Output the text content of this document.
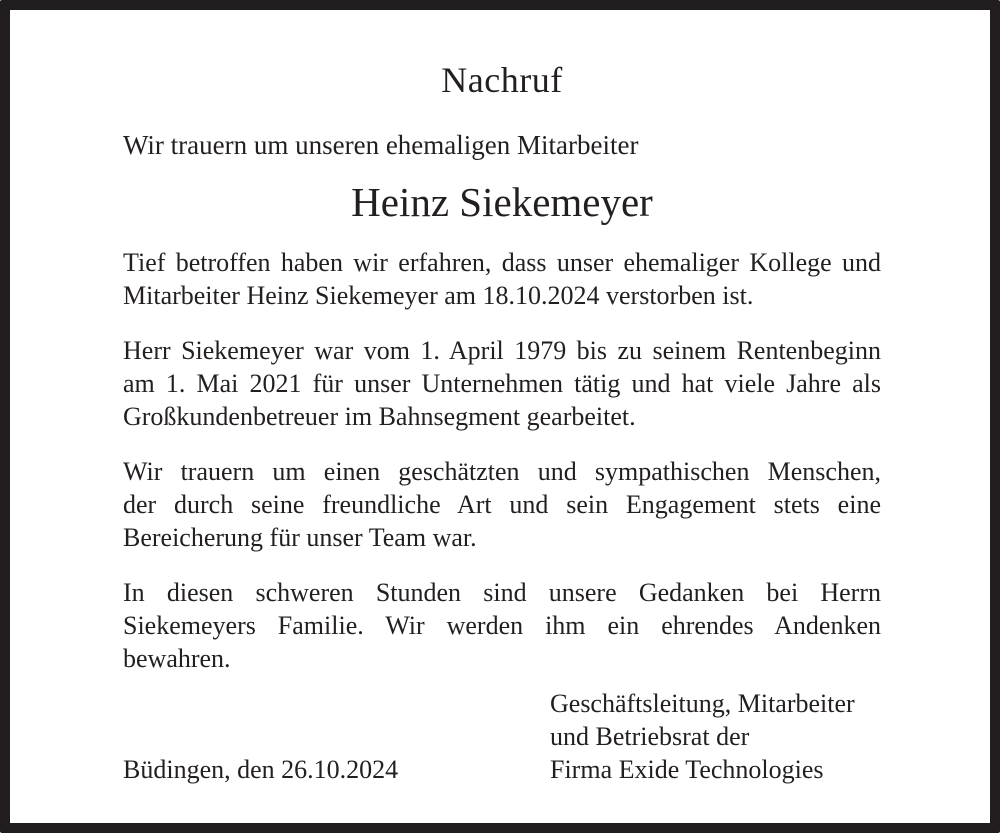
Nachruf
Wir trauern um unseren ehemaligen Mitarbeiter
Heinz Siekemeyer
Tief betroffen haben wir erfahren, dass unser ehemaliger Kollege und
Mitarbeiter Heinz Siekemeyer am 18.10.2024 verstorben ist.
Herr Siekemeyer war vom 1. April 1979 bis zu seinem Rentenbeginn
am 1. Mai 2021 für unser Unternehmen tätig und hat viele Jahre als
Großkundenbetreuer im Bahnsegment gearbeitet.
Wir trauern um einen geschätzten und sympathischen Menschen,
der durch seine freundliche Art und sein Engagement stets eine
Bereicherung für unser Team war.
In diesen schweren Stunden sind unsere Gedanken bei Herrn
Siekemeyers Familie. Wir werden ihm ein ehrendes Andenken
bewahren.
Büdingen, den 26.10.2024
Geschäftsleitung, Mitarbeiter
und Betriebsrat der
Firma Exide Technologies
